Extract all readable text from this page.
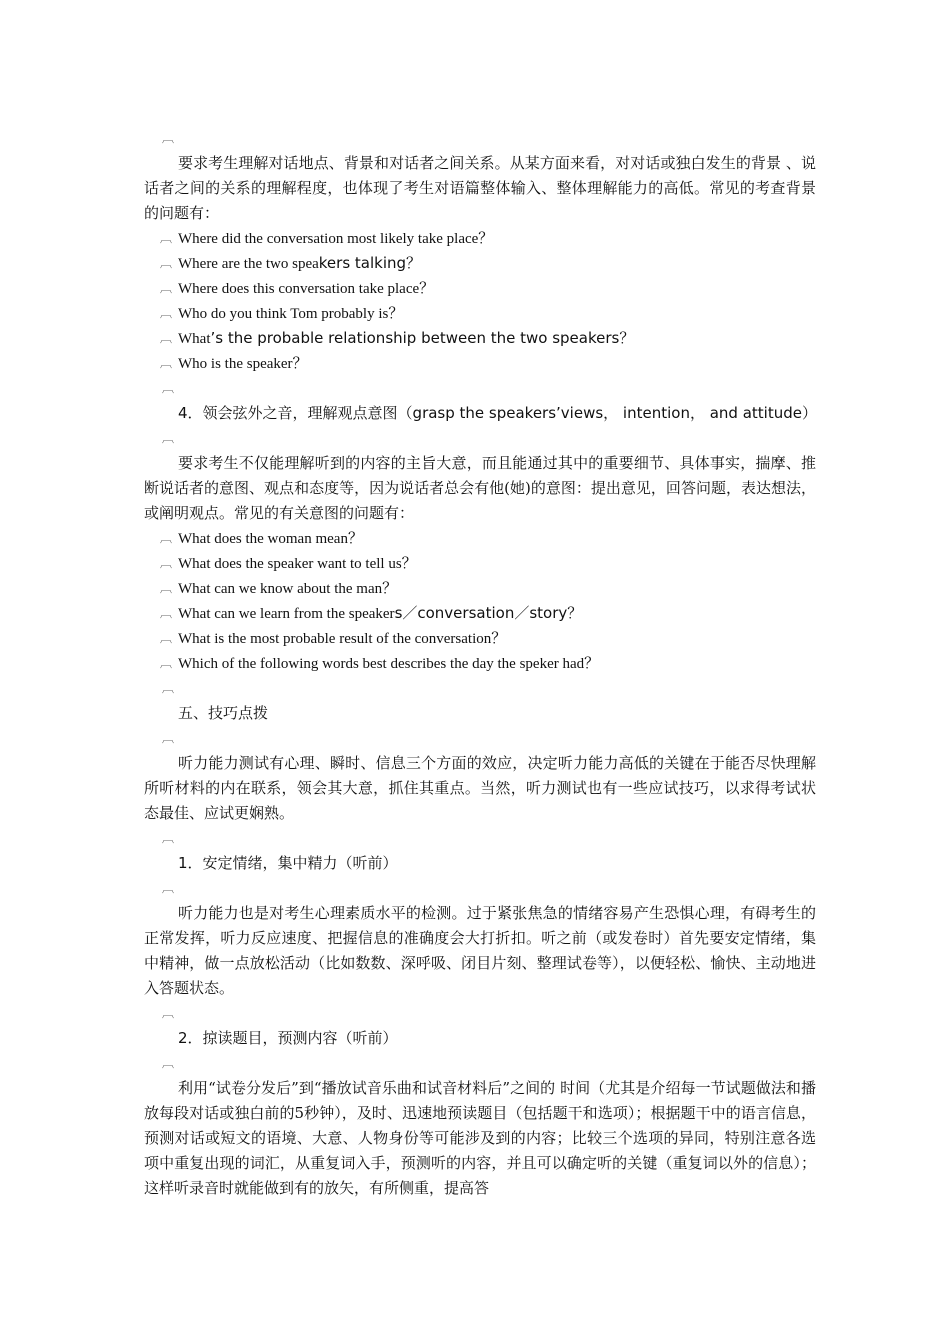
︹

要求考生理解对话地点、背景和对话者之间关系。从某方面来看，对对话或独白发生的背景 、说话者之间的关系的理解程度，也体现了考生对语篇整体输入、整体理解能力的高低。常见的考查背景的问题有：

︹ Where did the conversation most likely take place？

︹ Where are the two speakers talking？

︹ Where does this conversation take place？

︹ Who do you think Tom probably is？

︹ What’s the probable relationship between the two speakers？

︹ Who is the speaker？

︹

4．领会弦外之音，理解观点意图（grasp the speakers’views， intention， and attitude）

︹

要求考生不仅能理解听到的内容的主旨大意，而且能通过其中的重要细节、具体事实，揣摩、推断说话者的意图、观点和态度等，因为说话者总会有他(她)的意图：提出意见，回答问题，表达想法，或阐明观点。常见的有关意图的问题有：

︹ What does the woman mean？

︹ What does the speaker want to tell us？

︹ What can we know about the man？

︹ What can we learn from the speakers／conversation／story？

︹ What is the most probable result of the conversation？

︹ Which of the following words best describes the day the speker had？

︹

五、技巧点拨

︹

听力能力测试有心理、瞬时、信息三个方面的效应，决定听力能力高低的关键在于能否尽快理解所听材料的内在联系，领会其大意，抓住其重点。当然，听力测试也有一些应试技巧，以求得考试状态最佳、应试更娴熟。

︹

1．安定情绪，集中精力（听前）

︹

听力能力也是对考生心理素质水平的检测。过于紧张焦急的情绪容易产生恐惧心理，有碍考生的正常发挥，听力反应速度、把握信息的准确度会大打折扣。听之前（或发卷时）首先要安定情绪，集中精神，做一点放松活动（比如数数、深呼吸、闭目片刻、整理试卷等），以便轻松、愉快、主动地进入答题状态。

︹

2．掠读题目，预测内容（听前）

︹

利用“试卷分发后”到“播放试音乐曲和试音材料后”之间的 时间（尤其是介绍每一节试题做法和播放每段对话或独白前的5秒钟），及时、迅速地预读题目（包括题干和选项）；根据题干中的语言信息，预测对话或短文的语境、大意、人物身份等可能涉及到的内容；比较三个选项的异同，特别注意各选项中重复出现的词汇，从重复词入手，预测听的内容，并且可以确定听的关键（重复词以外的信息）；这样听录音时就能做到有的放矢，有所侧重，提高答
